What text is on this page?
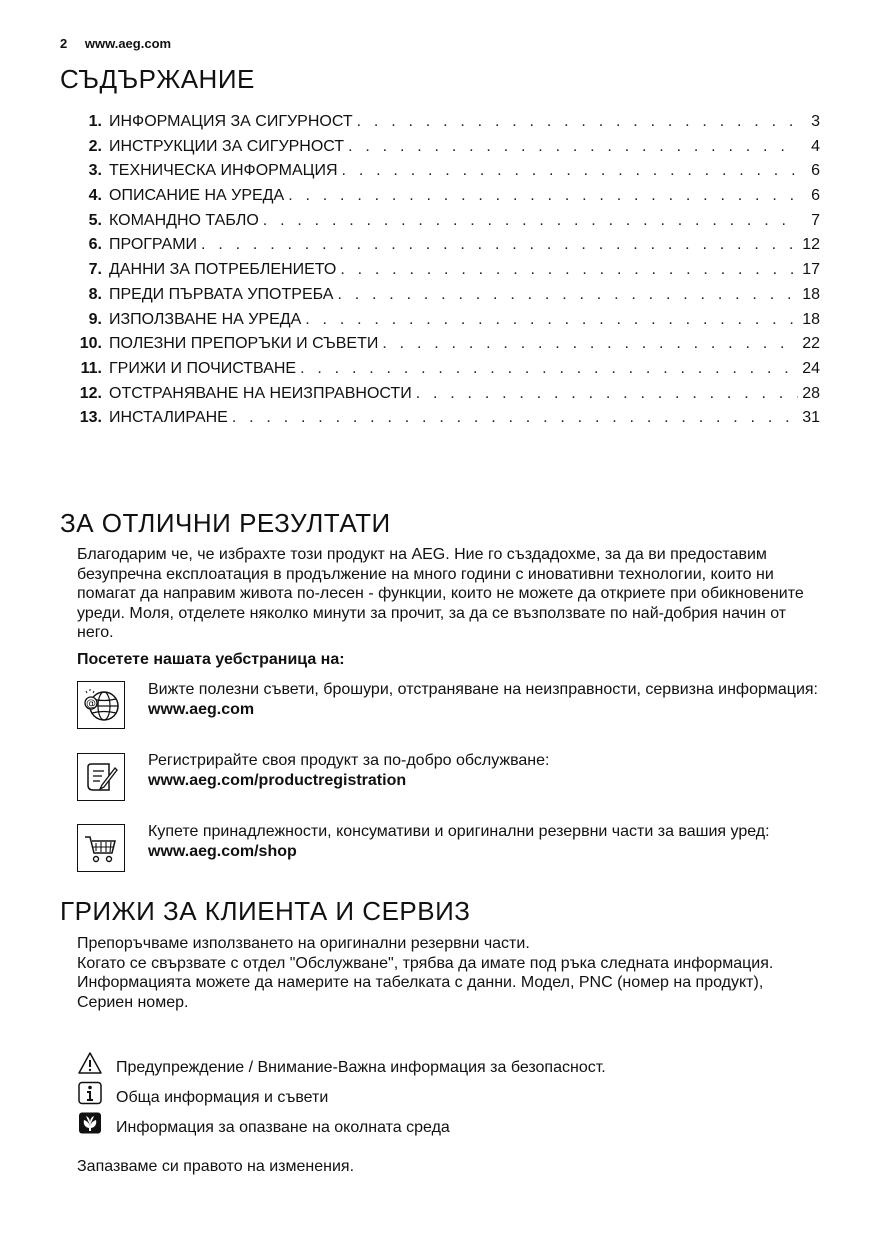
2 www.aeg.com
СЪДЪРЖАНИЕ
1. ИНФОРМАЦИЯ ЗА СИГУРНОСТ . . .	3
2. ИНСТРУКЦИИ ЗА СИГУРНОСТ . . .	4
3. ТЕХНИЧЕСКА ИНФОРМАЦИЯ . . .	6
4. ОПИСАНИЕ НА УРЕДА . . .	6
5. КОМАНДНО ТАБЛО . . .	7
6. ПРОГРАМИ . . .	12
7. ДАННИ ЗА ПОТРЕБЛЕНИЕТО . . .	17
8. ПРЕДИ ПЪРВАТА УПОТРЕБА . . .	18
9. ИЗПОЛЗВАНЕ НА УРЕДА . . .	18
10. ПОЛЕЗНИ ПРЕПОРЪКИ И СЪВЕТИ . . .	22
11. ГРИЖИ И ПОЧИСТВАНЕ . . .	24
12. ОТСТРАНЯВАНЕ НА НЕИЗПРАВНОСТИ . . .	28
13. ИНСТАЛИРАНЕ . . .	31
ЗА ОТЛИЧНИ РЕЗУЛТАТИ
Благодарим че, че избрахте този продукт на AEG. Ние го създадохме, за да ви предоставим безупречна експлоатация в продължение на много години с иновативни технологии, които ни помагат да направим живота по-лесен - функции, които не можете да откриете при обикновените уреди. Моля, отделете няколко минути за прочит, за да се възползвате по най-добрия начин от него.
Посетете нашата уебстраница на:
@
Вижте полезни съвети, брошури, отстраняване на неизправности, сервизна информация:
www.aeg.com
Регистрирайте своя продукт за по-добро обслужване:
www.aeg.com/productregistration
Купете принадлежности, консумативи и оригинални резервни части за вашия уред:
www.aeg.com/shop
ГРИЖИ ЗА КЛИЕНТА И СЕРВИЗ
Препоръчваме използването на оригинални резервни части.
Когато се свързвате с отдел "Обслужване", трябва да имате под ръка следната информация.
Информацията можете да намерите на табелката с данни. Модел, PNC (номер на продукт), Сериен номер.
Предупреждение / Внимание-Важна информация за безопасност.
Обща информация и съвети
Информация за опазване на околната среда
Запазваме си правото на изменения.
